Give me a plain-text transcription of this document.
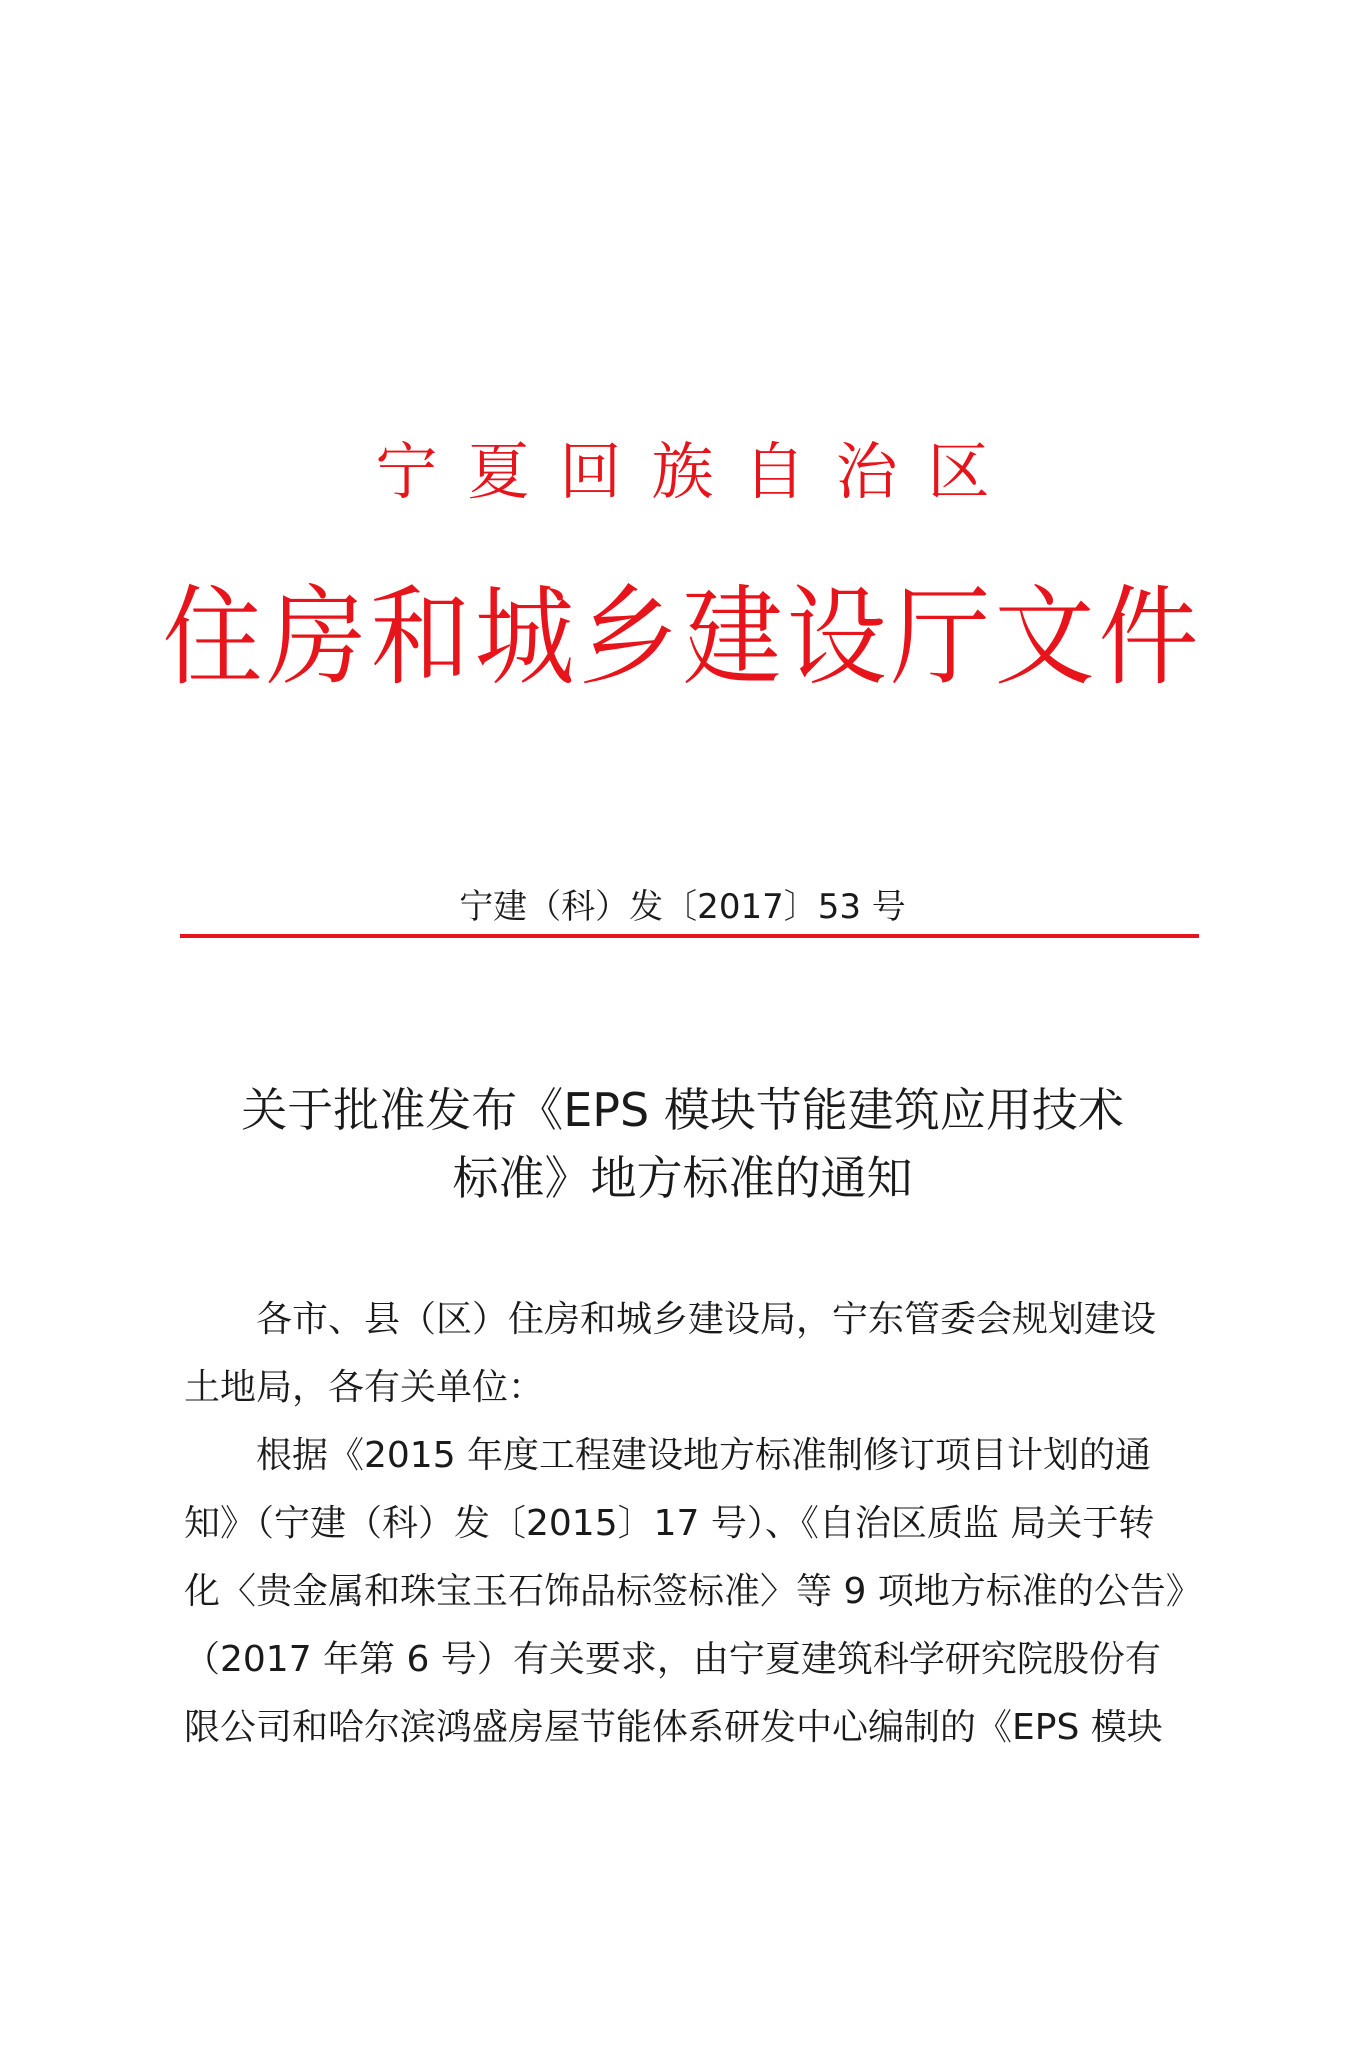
宁夏回族自治区
住房和城乡建设厅文件
宁建（科）发〔2017〕53 号
关于批准发布《EPS 模块节能建筑应用技术
标准》地方标准的通知
各市、县（区）住房和城乡建设局，宁东管委会规划建设
土地局，各有关单位：
根据《2015 年度工程建设地方标准制修订项目计划的通
知》（宁建（科）发〔2015〕17 号）、《自治区质监 局关于转
化〈贵金属和珠宝玉石饰品标签标准〉等 9 项地方标准的公告》
（2017 年第 6 号）有关要求，由宁夏建筑科学研究院股份有
限公司和哈尔滨鸿盛房屋节能体系研发中心编制的《EPS 模块
